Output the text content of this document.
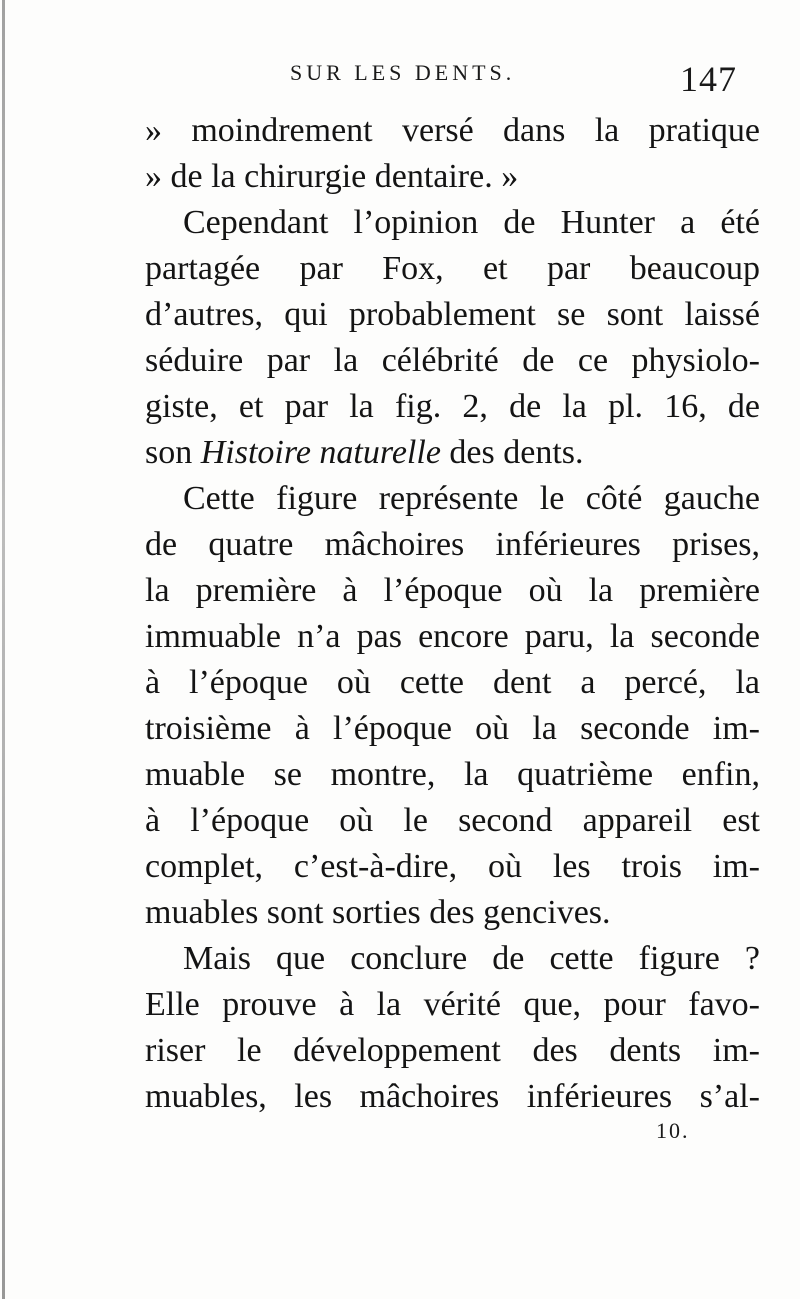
SUR LES DENTS.	147
» moindrement versé dans la pratique
» de la chirurgie dentaire. »
Cependant l’opinion de Hunter a été
partagée par Fox, et par beaucoup
d’autres, qui probablement se sont laissé
séduire par la célébrité de ce physiolo-
giste, et par la fig. 2, de la pl. 16, de
son Histoire naturelle des dents.
Cette figure représente le côté gauche
de quatre mâchoires inférieures prises,
la première à l’époque où la première
immuable n’a pas encore paru, la seconde
à l’époque où cette dent a percé, la
troisième à l’époque où la seconde im-
muable se montre, la quatrième enfin,
à l’époque où le second appareil est
complet, c’est-à-dire, où les trois im-
muables sont sorties des gencives.
Mais que conclure de cette figure ?
Elle prouve à la vérité que, pour favo-
riser le développement des dents im-
muables, les mâchoires inférieures s’al-
10.
